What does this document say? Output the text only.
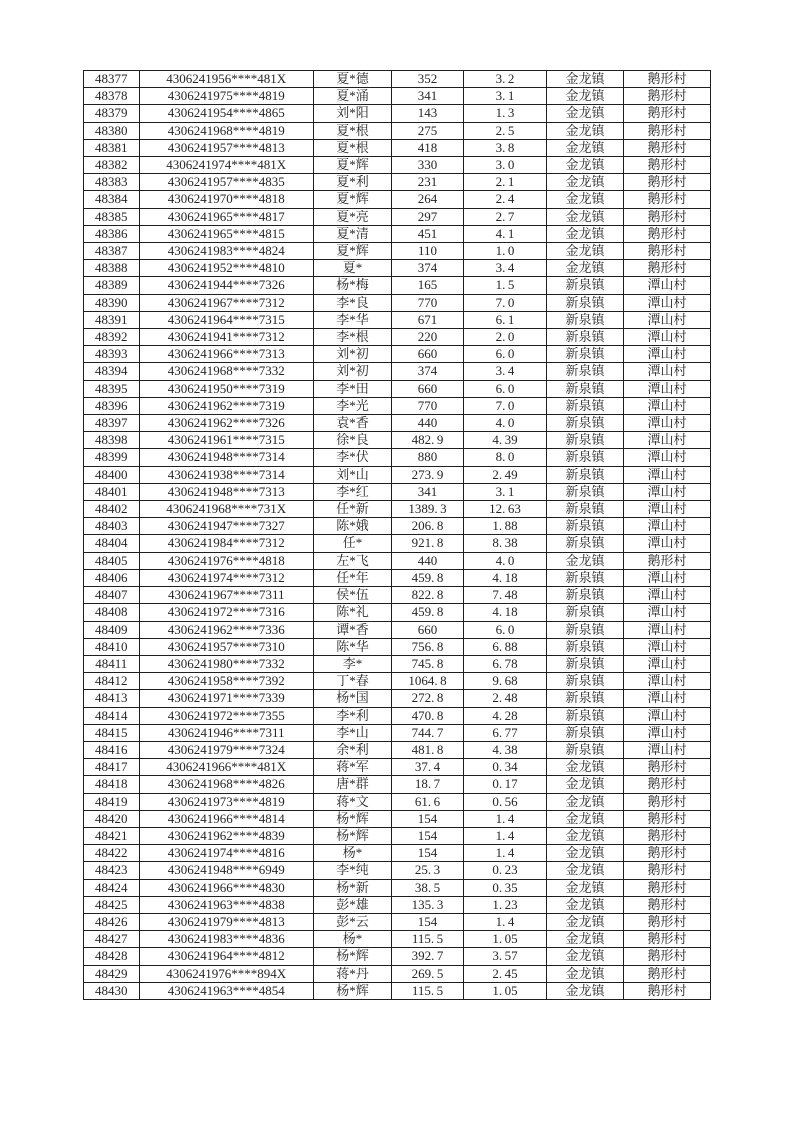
48377	4306241956****481X	夏*德	352	3. 2	金龙镇	鹅形村
48378	4306241975****4819	夏*涌	341	3. 1	金龙镇	鹅形村
48379	4306241954****4865	刘*阳	143	1. 3	金龙镇	鹅形村
48380	4306241968****4819	夏*根	275	2. 5	金龙镇	鹅形村
48381	4306241957****4813	夏*根	418	3. 8	金龙镇	鹅形村
48382	4306241974****481X	夏*辉	330	3. 0	金龙镇	鹅形村
48383	4306241957****4835	夏*利	231	2. 1	金龙镇	鹅形村
48384	4306241970****4818	夏*辉	264	2. 4	金龙镇	鹅形村
48385	4306241965****4817	夏*亮	297	2. 7	金龙镇	鹅形村
48386	4306241965****4815	夏*清	451	4. 1	金龙镇	鹅形村
48387	4306241983****4824	夏*辉	110	1. 0	金龙镇	鹅形村
48388	4306241952****4810	夏*	374	3. 4	金龙镇	鹅形村
48389	4306241944****7326	杨*梅	165	1. 5	新泉镇	潭山村
48390	4306241967****7312	李*良	770	7. 0	新泉镇	潭山村
48391	4306241964****7315	李*华	671	6. 1	新泉镇	潭山村
48392	4306241941****7312	李*根	220	2. 0	新泉镇	潭山村
48393	4306241966****7313	刘*初	660	6. 0	新泉镇	潭山村
48394	4306241968****7332	刘*初	374	3. 4	新泉镇	潭山村
48395	4306241950****7319	李*田	660	6. 0	新泉镇	潭山村
48396	4306241962****7319	李*光	770	7. 0	新泉镇	潭山村
48397	4306241962****7326	袁*香	440	4. 0	新泉镇	潭山村
48398	4306241961****7315	徐*良	482. 9	4. 39	新泉镇	潭山村
48399	4306241948****7314	李*伏	880	8. 0	新泉镇	潭山村
48400	4306241938****7314	刘*山	273. 9	2. 49	新泉镇	潭山村
48401	4306241948****7313	李*红	341	3. 1	新泉镇	潭山村
48402	4306241968****731X	任*新	1389. 3	12. 63	新泉镇	潭山村
48403	4306241947****7327	陈*娥	206. 8	1. 88	新泉镇	潭山村
48404	4306241984****7312	任*	921. 8	8. 38	新泉镇	潭山村
48405	4306241976****4818	左*飞	440	4. 0	金龙镇	鹅形村
48406	4306241974****7312	任*年	459. 8	4. 18	新泉镇	潭山村
48407	4306241967****7311	侯*伍	822. 8	7. 48	新泉镇	潭山村
48408	4306241972****7316	陈*礼	459. 8	4. 18	新泉镇	潭山村
48409	4306241962****7336	谭*香	660	6. 0	新泉镇	潭山村
48410	4306241957****7310	陈*华	756. 8	6. 88	新泉镇	潭山村
48411	4306241980****7332	李*	745. 8	6. 78	新泉镇	潭山村
48412	4306241958****7392	丁*春	1064. 8	9. 68	新泉镇	潭山村
48413	4306241971****7339	杨*国	272. 8	2. 48	新泉镇	潭山村
48414	4306241972****7355	李*利	470. 8	4. 28	新泉镇	潭山村
48415	4306241946****7311	李*山	744. 7	6. 77	新泉镇	潭山村
48416	4306241979****7324	余*利	481. 8	4. 38	新泉镇	潭山村
48417	4306241966****481X	蒋*军	37. 4	0. 34	金龙镇	鹅形村
48418	4306241968****4826	唐*群	18. 7	0. 17	金龙镇	鹅形村
48419	4306241973****4819	蒋*文	61. 6	0. 56	金龙镇	鹅形村
48420	4306241966****4814	杨*辉	154	1. 4	金龙镇	鹅形村
48421	4306241962****4839	杨*辉	154	1. 4	金龙镇	鹅形村
48422	4306241974****4816	杨*	154	1. 4	金龙镇	鹅形村
48423	4306241948****6949	李*纯	25. 3	0. 23	金龙镇	鹅形村
48424	4306241966****4830	杨*新	38. 5	0. 35	金龙镇	鹅形村
48425	4306241963****4838	彭*雄	135. 3	1. 23	金龙镇	鹅形村
48426	4306241979****4813	彭*云	154	1. 4	金龙镇	鹅形村
48427	4306241983****4836	杨*	115. 5	1. 05	金龙镇	鹅形村
48428	4306241964****4812	杨*辉	392. 7	3. 57	金龙镇	鹅形村
48429	4306241976****894X	蒋*丹	269. 5	2. 45	金龙镇	鹅形村
48430	4306241963****4854	杨*辉	115. 5	1. 05	金龙镇	鹅形村
